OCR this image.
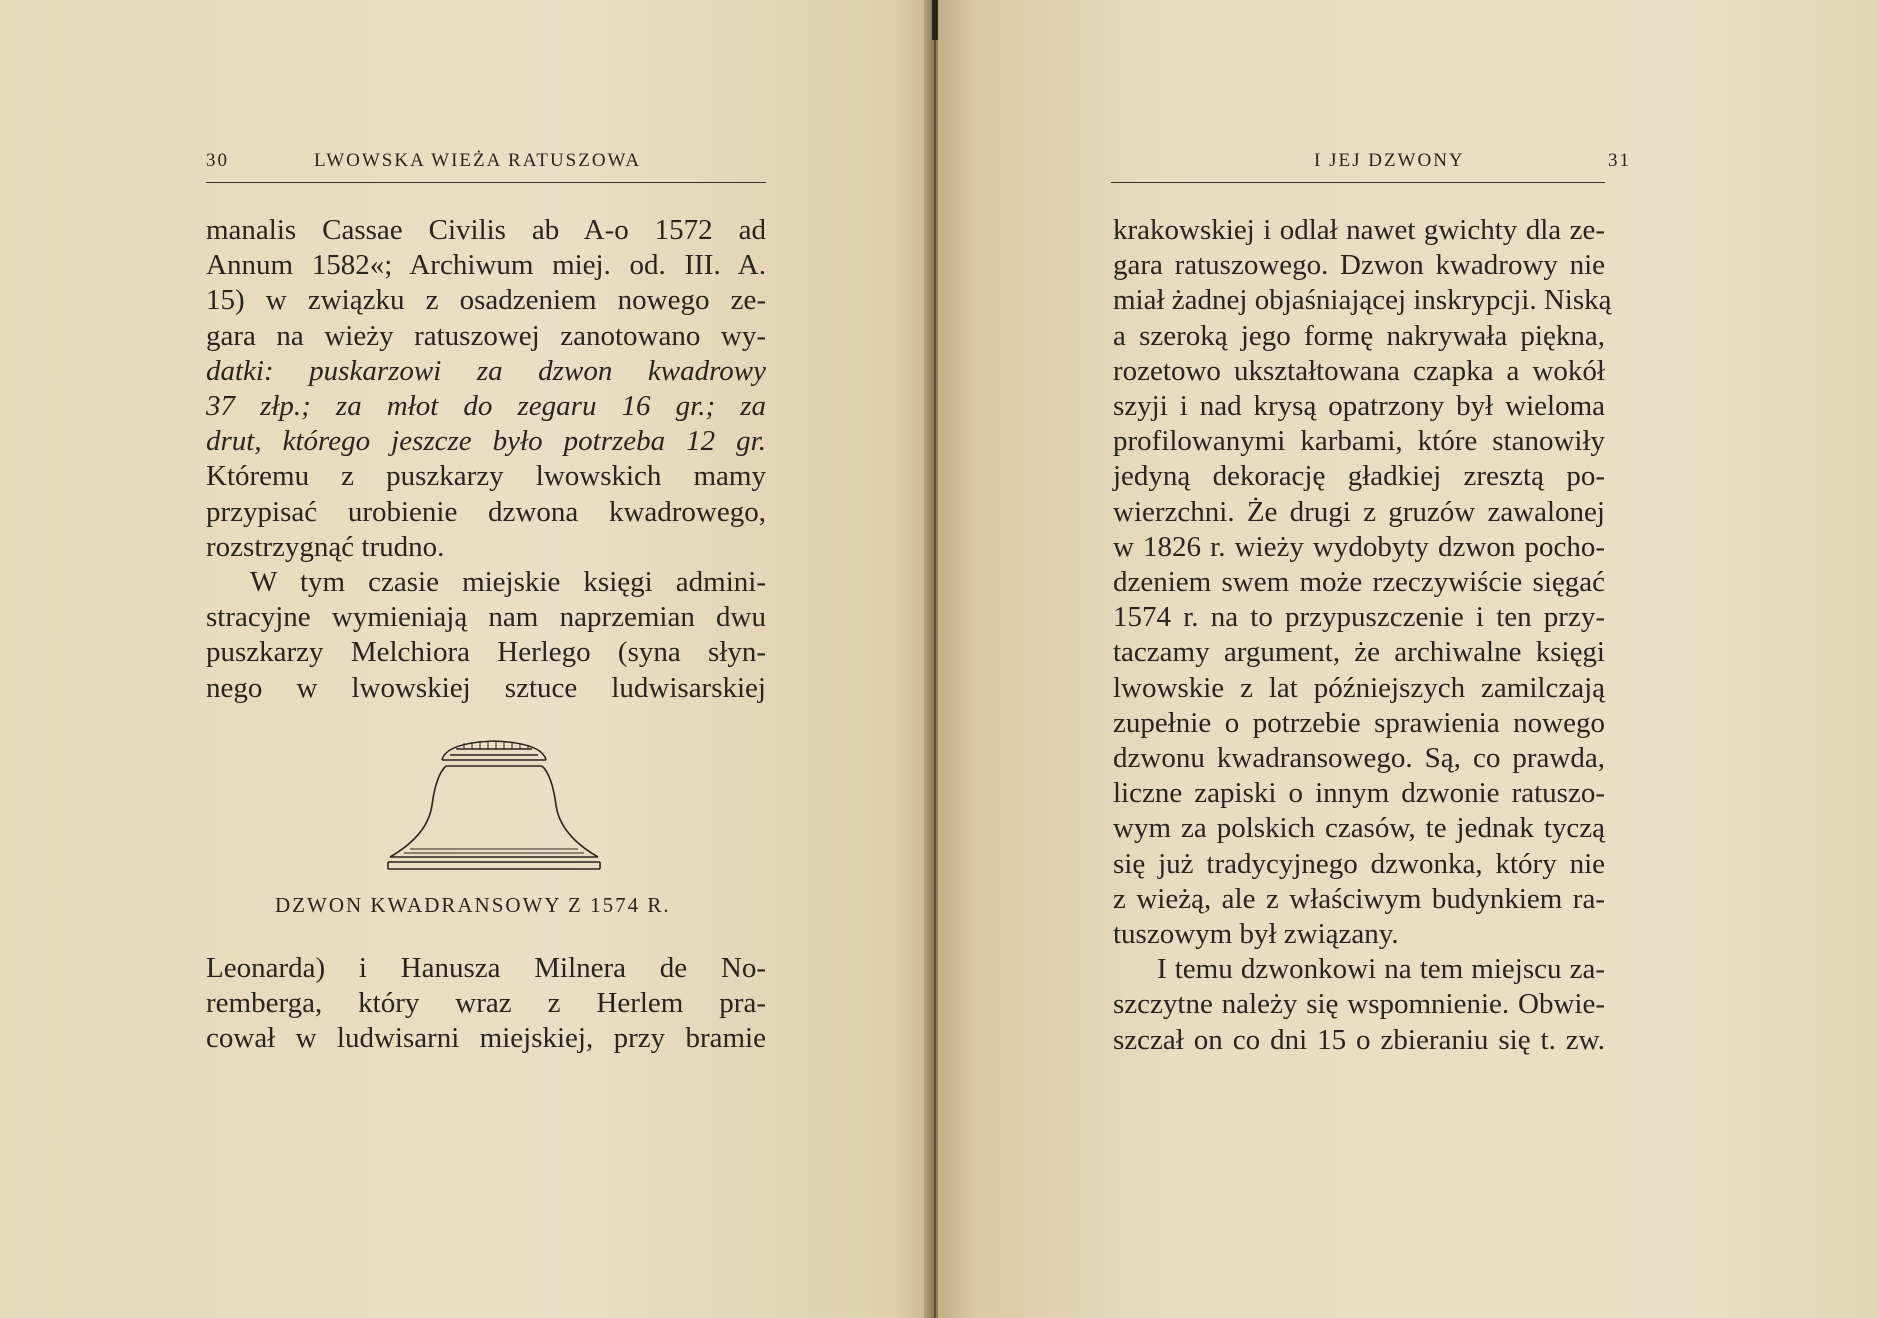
30	LWOWSKA WIEŻA RATUSZOWA
manalis Cassae Civilis ab A-o 1572 ad
Annum 1582«; Archiwum miej. od. III. A.
15) w związku z osadzeniem nowego ze-
gara na wieży ratuszowej zanotowano wy-
datki: puskarzowi za dzwon kwadrowy
37 złp.; za młot do zegaru 16 gr.; za
drut, którego jeszcze było potrzeba 12 gr.
Któremu z puszkarzy lwowskich mamy
przypisać urobienie dzwona kwadrowego,
rozstrzygnąć trudno.
W tym czasie miejskie księgi admini-
stracyjne wymieniają nam naprzemian dwu
puszkarzy Melchiora Herlego (syna słyn-
nego w lwowskiej sztuce ludwisarskiej
DZWON KWADRANSOWY Z 1574 R.
Leonarda) i Hanusza Milnera de No-
remberga, który wraz z Herlem pra-
cował w ludwisarni miejskiej, przy bramie
I JEJ DZWONY	31
krakowskiej i odlał nawet gwichty dla ze-
gara ratuszowego. Dzwon kwadrowy nie
miał żadnej objaśniającej inskrypcji. Niską
a szeroką jego formę nakrywała piękna,
rozetowo ukształtowana czapka a wokół
szyji i nad krysą opatrzony był wieloma
profilowanymi karbami, które stanowiły
jedyną dekorację gładkiej zresztą po-
wierzchni. Że drugi z gruzów zawalonej
w 1826 r. wieży wydobyty dzwon pocho-
dzeniem swem może rzeczywiście sięgać
1574 r. na to przypuszczenie i ten przy-
taczamy argument, że archiwalne księgi
lwowskie z lat późniejszych zamilczają
zupełnie o potrzebie sprawienia nowego
dzwonu kwadransowego. Są, co prawda,
liczne zapiski o innym dzwonie ratuszo-
wym za polskich czasów, te jednak tyczą
się już tradycyjnego dzwonka, który nie
z wieżą, ale z właściwym budynkiem ra-
tuszowym był związany.
I temu dzwonkowi na tem miejscu za-
szczytne należy się wspomnienie. Obwie-
szczał on co dni 15 o zbieraniu się t. zw.
